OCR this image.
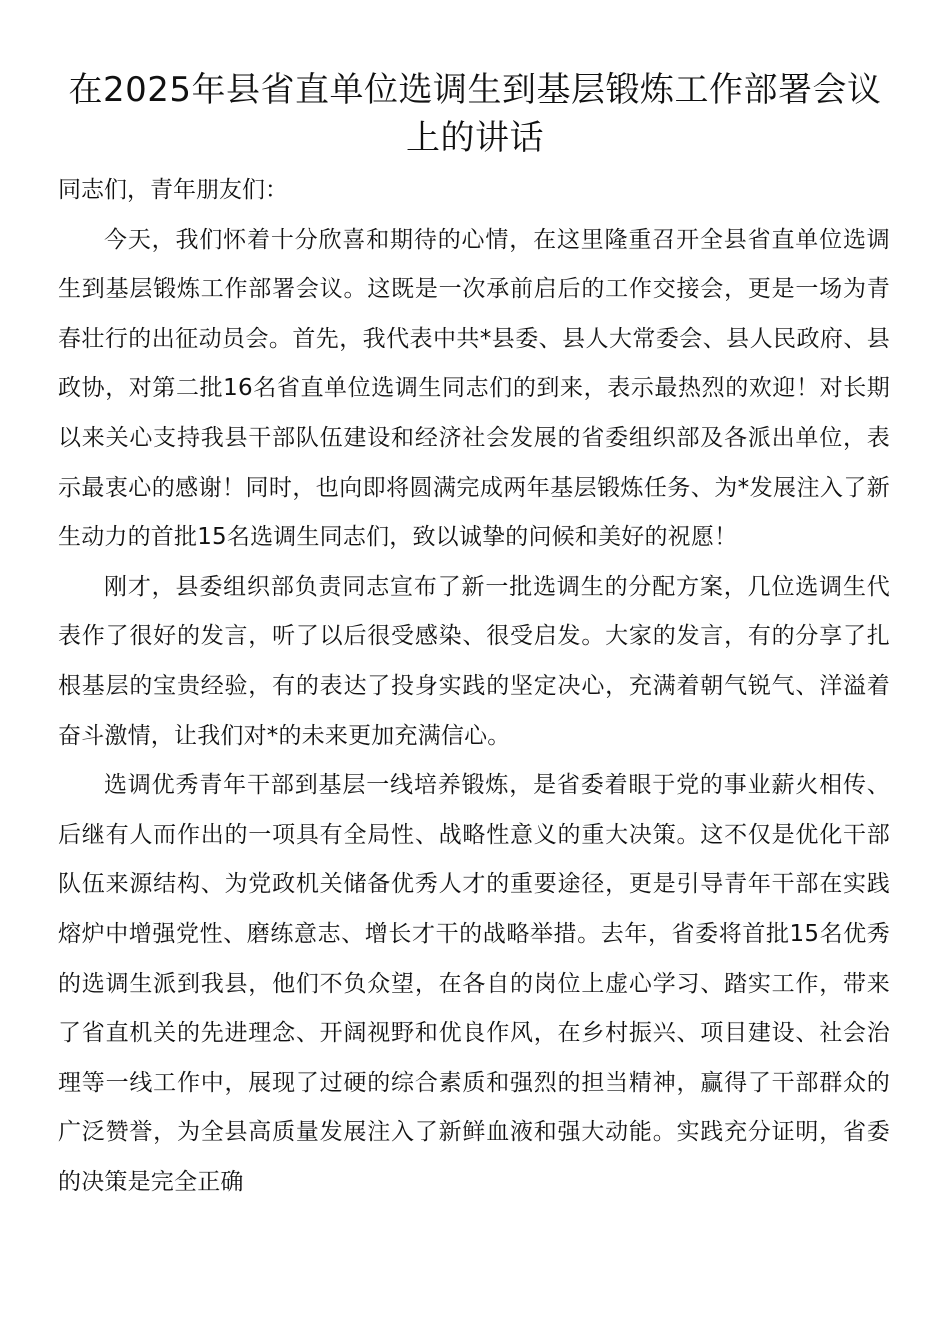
在2025年县省直单位选调生到基层锻炼工作部署会议上的讲话

同志们，青年朋友们：

今天，我们怀着十分欣喜和期待的心情，在这里隆重召开全县省直单位选调生到基层锻炼工作部署会议。这既是一次承前启后的工作交接会，更是一场为青春壮行的出征动员会。首先，我代表中共*县委、县人大常委会、县人民政府、县政协，对第二批16名省直单位选调生同志们的到来，表示最热烈的欢迎！对长期以来关心支持我县干部队伍建设和经济社会发展的省委组织部及各派出单位，表示最衷心的感谢！同时，也向即将圆满完成两年基层锻炼任务、为*发展注入了新生动力的首批15名选调生同志们，致以诚挚的问候和美好的祝愿！

刚才，县委组织部负责同志宣布了新一批选调生的分配方案，几位选调生代表作了很好的发言，听了以后很受感染、很受启发。大家的发言，有的分享了扎根基层的宝贵经验，有的表达了投身实践的坚定决心，充满着朝气锐气、洋溢着奋斗激情，让我们对*的未来更加充满信心。

选调优秀青年干部到基层一线培养锻炼，是省委着眼于党的事业薪火相传、后继有人而作出的一项具有全局性、战略性意义的重大决策。这不仅是优化干部队伍来源结构、为党政机关储备优秀人才的重要途径，更是引导青年干部在实践熔炉中增强党性、磨练意志、增长才干的战略举措。去年，省委将首批15名优秀的选调生派到我县，他们不负众望，在各自的岗位上虚心学习、踏实工作，带来了省直机关的先进理念、开阔视野和优良作风，在乡村振兴、项目建设、社会治理等一线工作中，展现了过硬的综合素质和强烈的担当精神，赢得了干部群众的广泛赞誉，为全县高质量发展注入了新鲜血液和强大动能。实践充分证明，省委的决策是完全正确
